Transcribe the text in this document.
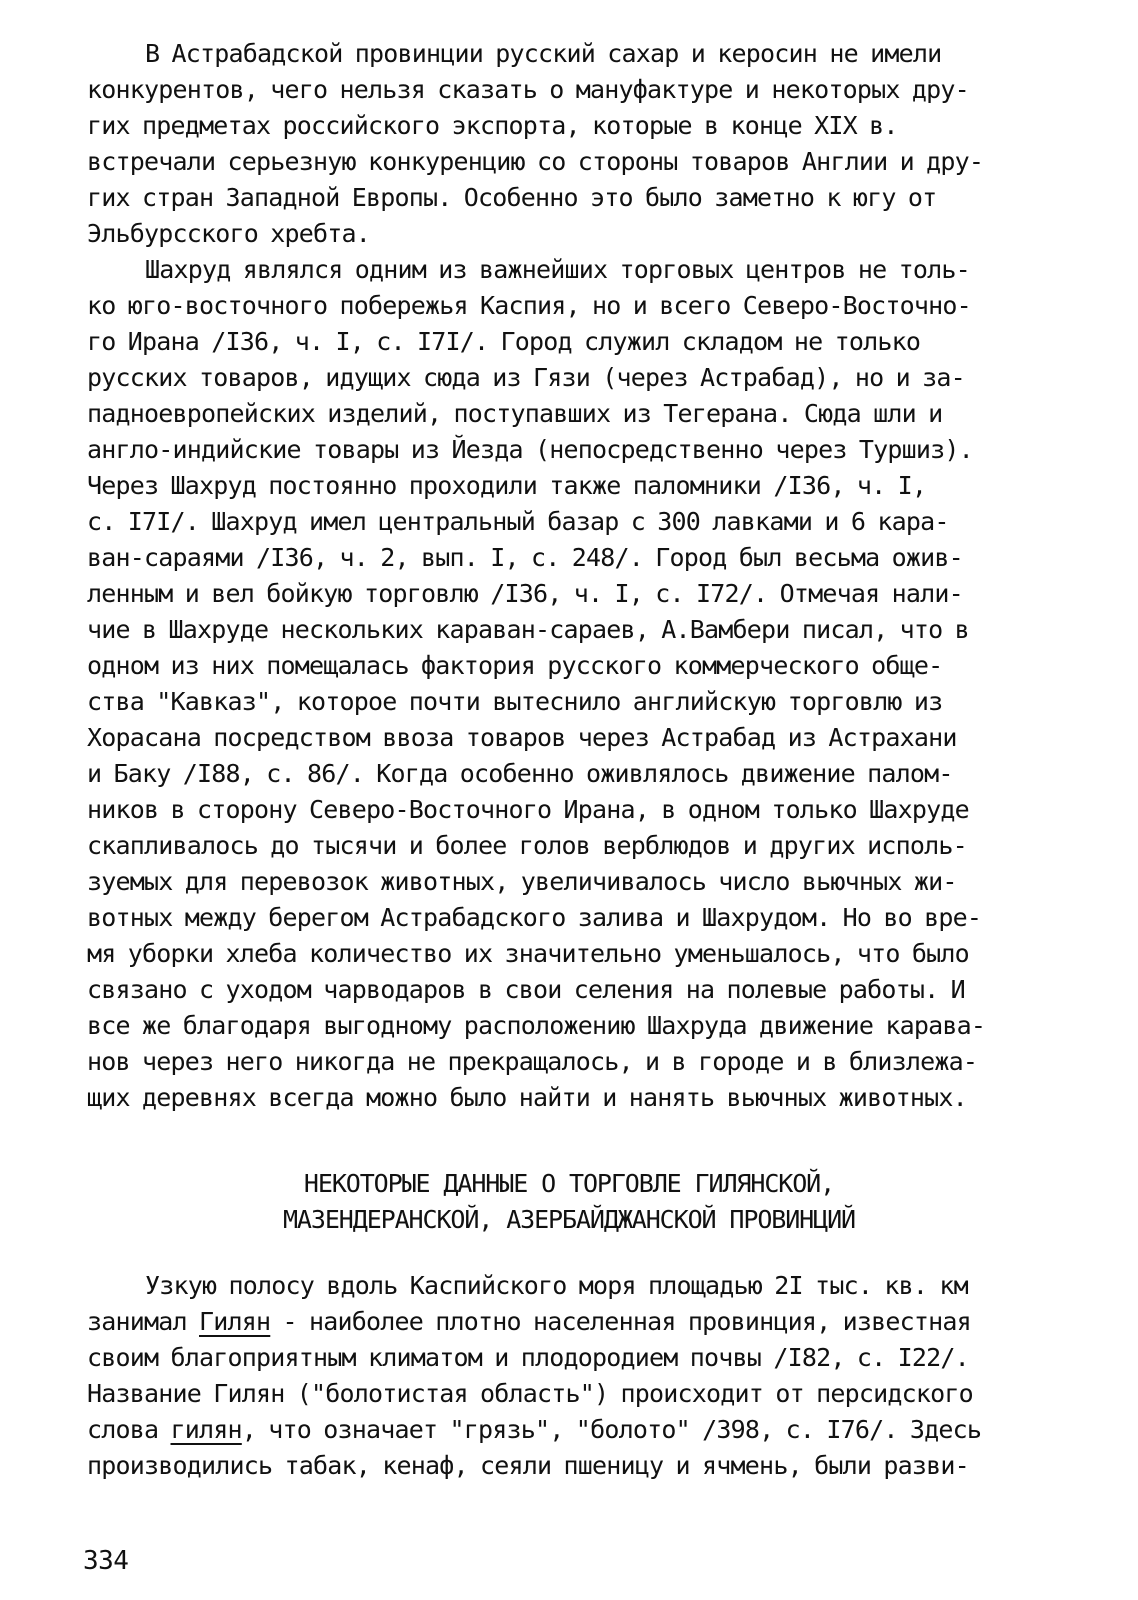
В Астрабадской провинции русский сахар и керосин не имели
конкурентов, чего нельзя сказать о мануфактуре и некоторых дру-
гих предметах российского экспорта, которые в конце XIX в.
встречали серьезную конкуренцию со стороны товаров Англии и дру-
гих стран Западной Европы. Особенно это было заметно к югу от
Эльбурсского хребта.
Шахруд являлся одним из важнейших торговых центров не толь-
ко юго-восточного побережья Каспия, но и всего Северо-Восточно-
го Ирана /I36, ч. I, с. I7I/. Город служил складом не только
русских товаров, идущих сюда из Гязи (через Астрабад), но и за-
падноевропейских изделий, поступавших из Тегерана. Сюда шли и
англо-индийские товары из Йезда (непосредственно через Туршиз).
Через Шахруд постоянно проходили также паломники /I36, ч. I,
с. I7I/. Шахруд имел центральный базар с 300 лавками и 6 кара-
ван-сараями /I36, ч. 2, вып. I, с. 248/. Город был весьма ожив-
ленным и вел бойкую торговлю /I36, ч. I, с. I72/. Отмечая нали-
чие в Шахруде нескольких караван-сараев, А.Вамбери писал, что в
одном из них помещалась фактория русского коммерческого обще-
ства "Кавказ", которое почти вытеснило английскую торговлю из
Хорасана посредством ввоза товаров через Астрабад из Астрахани
и Баку /I88, с. 86/. Когда особенно оживлялось движение палом-
ников в сторону Северо-Восточного Ирана, в одном только Шахруде
скапливалось до тысячи и более голов верблюдов и других исполь-
зуемых для перевозок животных, увеличивалось число вьючных жи-
вотных между берегом Астрабадского залива и Шахрудом. Но во вре-
мя уборки хлеба количество их значительно уменьшалось, что было
связано с уходом чарводаров в свои селения на полевые работы. И
все же благодаря выгодному расположению Шахруда движение карава-
нов через него никогда не прекращалось, и в городе и в близлежа-
щих деревнях всегда можно было найти и нанять вьючных животных.
НЕКОТОРЫЕ ДАННЫЕ О ТОРГОВЛЕ ГИЛЯНСКОЙ,
МАЗЕНДЕРАНСКОЙ, АЗЕРБАЙДЖАНСКОЙ ПРОВИНЦИЙ
Узкую полосу вдоль Каспийского моря площадью 2I тыс. кв. км
занимал Гилян - наиболее плотно населенная провинция, известная
своим благоприятным климатом и плодородием почвы /I82, с. I22/.
Название Гилян ("болотистая область") происходит от персидского
слова гилян, что означает "грязь", "болото" /398, с. I76/. Здесь
производились табак, кенаф, сеяли пшеницу и ячмень, были разви-
334
